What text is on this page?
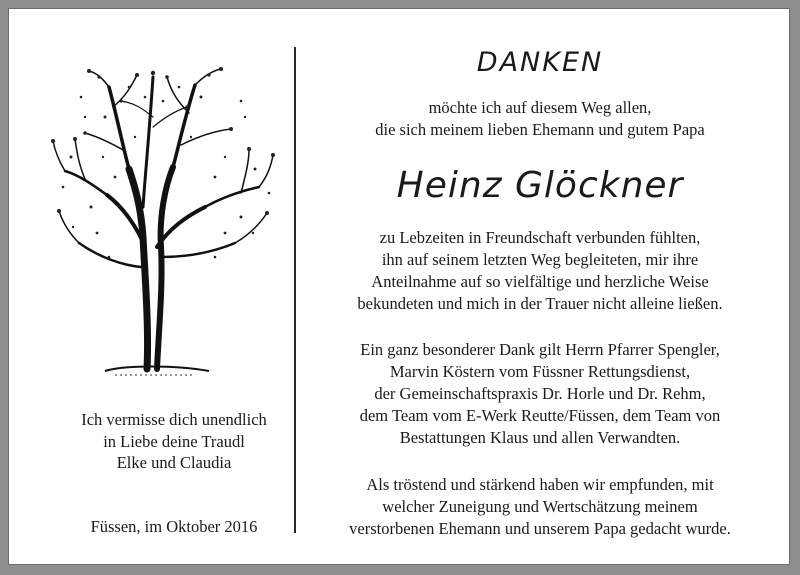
Ich vermisse dich unendlich
in Liebe deine Traudl
Elke und Claudia
Füssen, im Oktober 2016
DANKEN
möchte ich auf diesem Weg allen,
die sich meinem lieben Ehemann und gutem Papa
Heinz Glöckner
zu Lebzeiten in Freundschaft verbunden fühlten,
ihn auf seinem letzten Weg begleiteten, mir ihre
Anteilnahme auf so vielfältige und herzliche Weise
bekundeten und mich in der Trauer nicht alleine ließen.
Ein ganz besonderer Dank gilt Herrn Pfarrer Spengler,
Marvin Köstern vom Füssner Rettungsdienst,
der Gemeinschaftspraxis Dr. Horle und Dr. Rehm,
dem Team vom E-Werk Reutte/Füssen, dem Team von
Bestattungen Klaus und allen Verwandten.
Als tröstend und stärkend haben wir empfunden, mit
welcher Zuneigung und Wertschätzung meinem
verstorbenen Ehemann und unserem Papa gedacht wurde.
